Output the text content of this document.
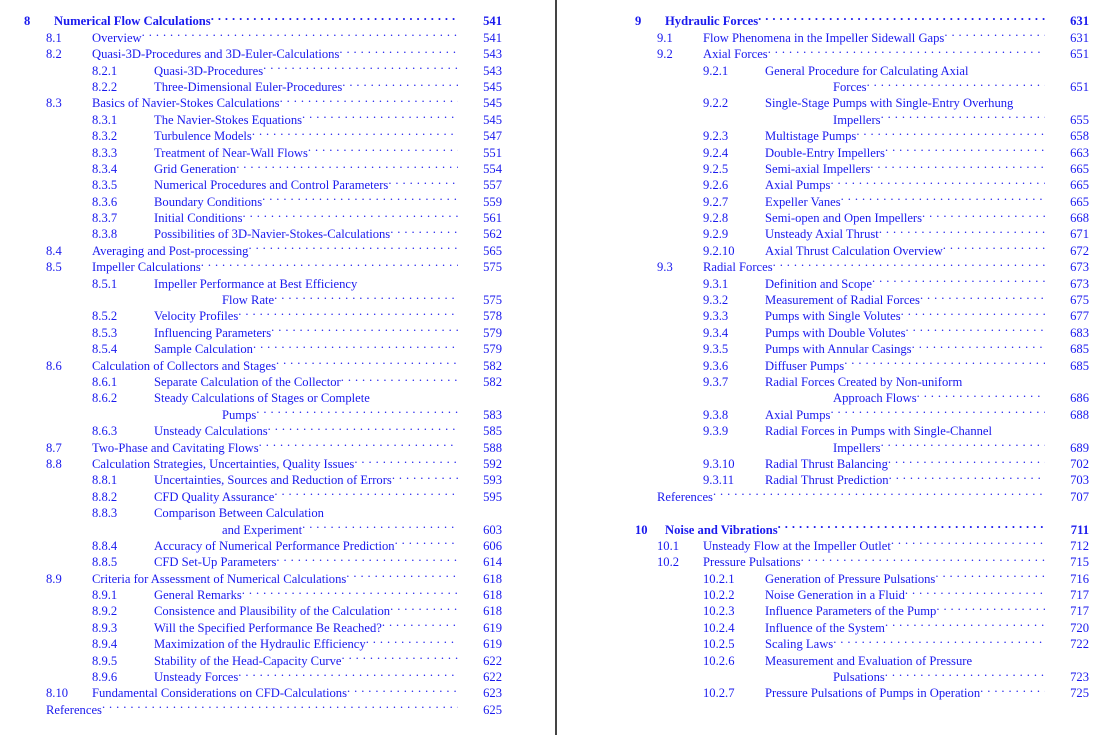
8	Numerical Flow Calculations . . .	541
8.1	Overview . . .	541
8.2	Quasi-3D-Procedures and 3D-Euler-Calculations . . .	543
8.2.1	Quasi-3D-Procedures . . .	543
8.2.2	Three-Dimensional Euler-Procedures . . .	545
8.3	Basics of Navier-Stokes Calculations . . .	545
8.3.1	The Navier-Stokes Equations . . .	545
8.3.2	Turbulence Models . . .	547
8.3.3	Treatment of Near-Wall Flows . . .	551
8.3.4	Grid Generation . . .	554
8.3.5	Numerical Procedures and Control Parameters . . .	557
8.3.6	Boundary Conditions . . .	559
8.3.7	Initial Conditions . . .	561
8.3.8	Possibilities of 3D-Navier-Stokes-Calculations . . .	562
8.4	Averaging and Post-processing . . .	565
8.5	Impeller Calculations . . .	575
8.5.1	Impeller Performance at Best Efficiency
Flow Rate . . .	575
8.5.2	Velocity Profiles . . .	578
8.5.3	Influencing Parameters . . .	579
8.5.4	Sample Calculation . . .	579
8.6	Calculation of Collectors and Stages . . .	582
8.6.1	Separate Calculation of the Collector . . .	582
8.6.2	Steady Calculations of Stages or Complete
Pumps . . .	583
8.6.3	Unsteady Calculations . . .	585
8.7	Two-Phase and Cavitating Flows . . .	588
8.8	Calculation Strategies, Uncertainties, Quality Issues . . .	592
8.8.1	Uncertainties, Sources and Reduction of Errors . . .	593
8.8.2	CFD Quality Assurance . . .	595
8.8.3	Comparison Between Calculation
and Experiment . . .	603
8.8.4	Accuracy of Numerical Performance Prediction . . .	606
8.8.5	CFD Set-Up Parameters . . .	614
8.9	Criteria for Assessment of Numerical Calculations . . .	618
8.9.1	General Remarks . . .	618
8.9.2	Consistence and Plausibility of the Calculation . . .	618
8.9.3	Will the Specified Performance Be Reached? . . .	619
8.9.4	Maximization of the Hydraulic Efficiency . . .	619
8.9.5	Stability of the Head-Capacity Curve . . .	622
8.9.6	Unsteady Forces . . .	622
8.10	Fundamental Considerations on CFD-Calculations . . .	623
References . . .	625
9	Hydraulic Forces . . .	631
9.1	Flow Phenomena in the Impeller Sidewall Gaps . . .	631
9.2	Axial Forces . . .	651
9.2.1	General Procedure for Calculating Axial
Forces . . .	651
9.2.2	Single-Stage Pumps with Single-Entry Overhung
Impellers . . .	655
9.2.3	Multistage Pumps . . .	658
9.2.4	Double-Entry Impellers . . .	663
9.2.5	Semi-axial Impellers . . .	665
9.2.6	Axial Pumps . . .	665
9.2.7	Expeller Vanes . . .	665
9.2.8	Semi-open and Open Impellers . . .	668
9.2.9	Unsteady Axial Thrust . . .	671
9.2.10	Axial Thrust Calculation Overview . . .	672
9.3	Radial Forces . . .	673
9.3.1	Definition and Scope . . .	673
9.3.2	Measurement of Radial Forces . . .	675
9.3.3	Pumps with Single Volutes . . .	677
9.3.4	Pumps with Double Volutes . . .	683
9.3.5	Pumps with Annular Casings . . .	685
9.3.6	Diffuser Pumps . . .	685
9.3.7	Radial Forces Created by Non-uniform
Approach Flows . . .	686
9.3.8	Axial Pumps . . .	688
9.3.9	Radial Forces in Pumps with Single-Channel
Impellers . . .	689
9.3.10	Radial Thrust Balancing . . .	702
9.3.11	Radial Thrust Prediction . . .	703
References . . .	707
10	Noise and Vibrations . . .	711
10.1	Unsteady Flow at the Impeller Outlet . . .	712
10.2	Pressure Pulsations . . .	715
10.2.1	Generation of Pressure Pulsations . . .	716
10.2.2	Noise Generation in a Fluid . . .	717
10.2.3	Influence Parameters of the Pump . . .	717
10.2.4	Influence of the System . . .	720
10.2.5	Scaling Laws . . .	722
10.2.6	Measurement and Evaluation of Pressure
Pulsations . . .	723
10.2.7	Pressure Pulsations of Pumps in Operation . . .	725
